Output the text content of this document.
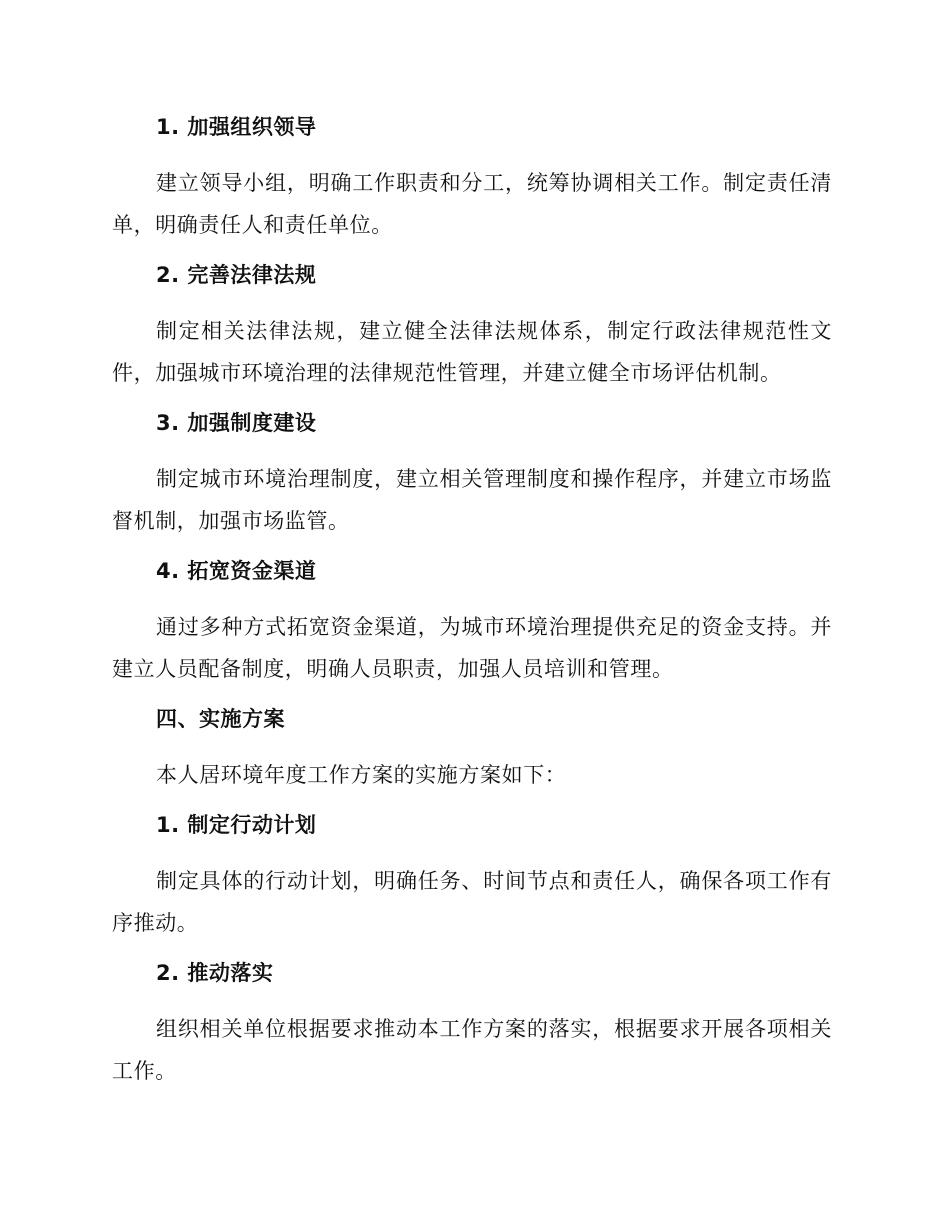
1. 加强组织领导
建立领导小组，明确工作职责和分工，统筹协调相关工作。制定责任清单，明确责任人和责任单位。
2. 完善法律法规
制定相关法律法规，建立健全法律法规体系，制定行政法律规范性文件，加强城市环境治理的法律规范性管理，并建立健全市场评估机制。
3. 加强制度建设
制定城市环境治理制度，建立相关管理制度和操作程序，并建立市场监督机制，加强市场监管。
4. 拓宽资金渠道
通过多种方式拓宽资金渠道，为城市环境治理提供充足的资金支持。并建立人员配备制度，明确人员职责，加强人员培训和管理。
四、实施方案
本人居环境年度工作方案的实施方案如下：
1. 制定行动计划
制定具体的行动计划，明确任务、时间节点和责任人，确保各项工作有序推动。
2. 推动落实
组织相关单位根据要求推动本工作方案的落实，根据要求开展各项相关工作。
